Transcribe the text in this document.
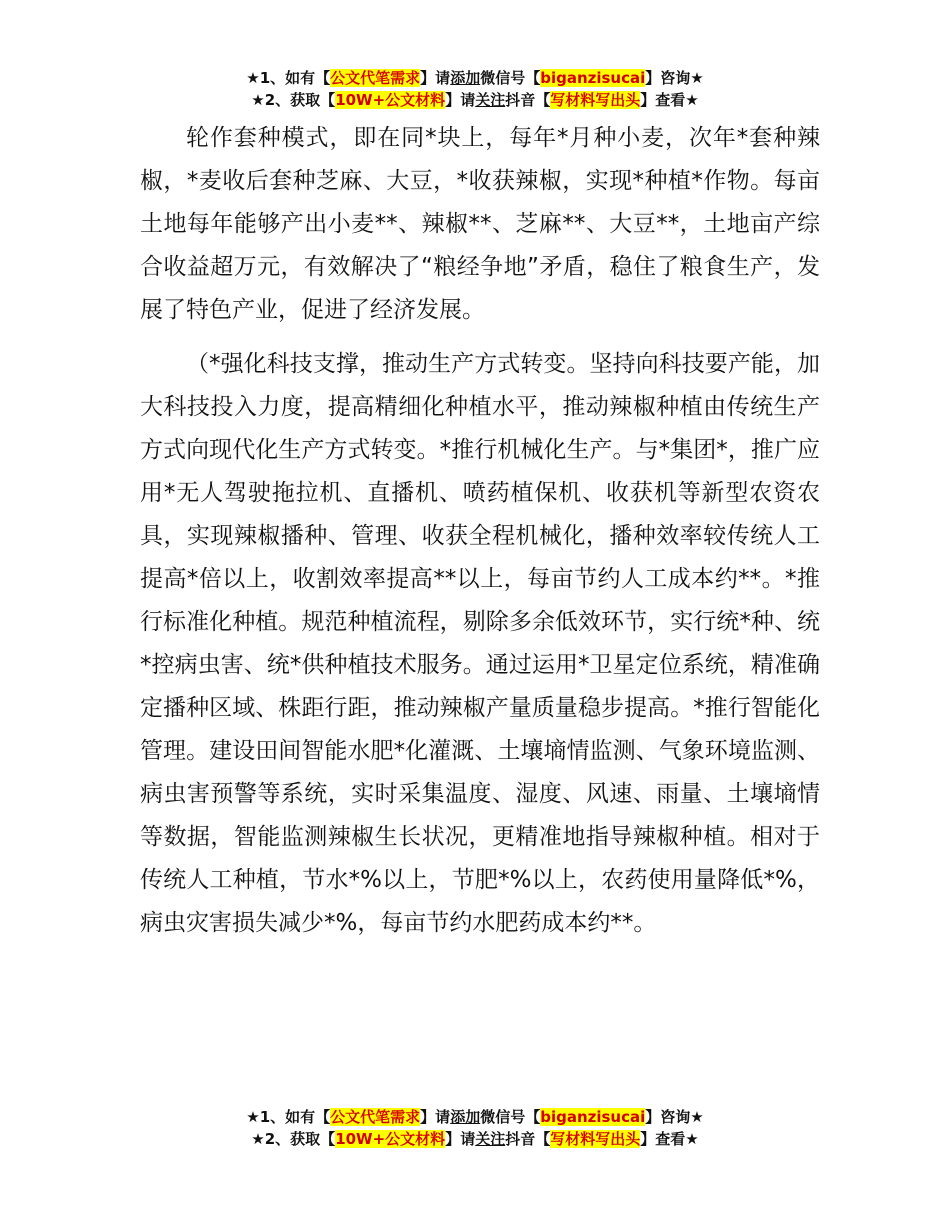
★1、如有【公文代笔需求】请添加微信号【biganzisucai】咨询★
★2、获取【10W+公文材料】请关注抖音【写材料写出头】查看★

轮作套种模式，即在同*块上，每年*月种小麦，次年*套种辣椒，*麦收后套种芝麻、大豆，*收获辣椒，实现*种植*作物。每亩土地每年能够产出小麦**、辣椒**、芝麻**、大豆**，土地亩产综合收益超万元，有效解决了“粮经争地”矛盾，稳住了粮食生产，发展了特色产业，促进了经济发展。

（*强化科技支撑，推动生产方式转变。坚持向科技要产能，加大科技投入力度，提高精细化种植水平，推动辣椒种植由传统生产方式向现代化生产方式转变。*推行机械化生产。与*集团*，推广应用*无人驾驶拖拉机、直播机、喷药植保机、收获机等新型农资农具，实现辣椒播种、管理、收获全程机械化，播种效率较传统人工提高*倍以上，收割效率提高**以上，每亩节约人工成本约**。*推行标准化种植。规范种植流程，剔除多余低效环节，实行统*种、统*控病虫害、统*供种植技术服务。通过运用*卫星定位系统，精准确定播种区域、株距行距，推动辣椒产量质量稳步提高。*推行智能化管理。建设田间智能水肥*化灌溉、土壤墒情监测、气象环境监测、病虫害预警等系统，实时采集温度、湿度、风速、雨量、土壤墒情等数据，智能监测辣椒生长状况，更精准地指导辣椒种植。相对于传统人工种植，节水*%以上，节肥*%以上，农药使用量降低*%，病虫灾害损失减少*%，每亩节约水肥药成本约**。

★1、如有【公文代笔需求】请添加微信号【biganzisucai】咨询★
★2、获取【10W+公文材料】请关注抖音【写材料写出头】查看★
